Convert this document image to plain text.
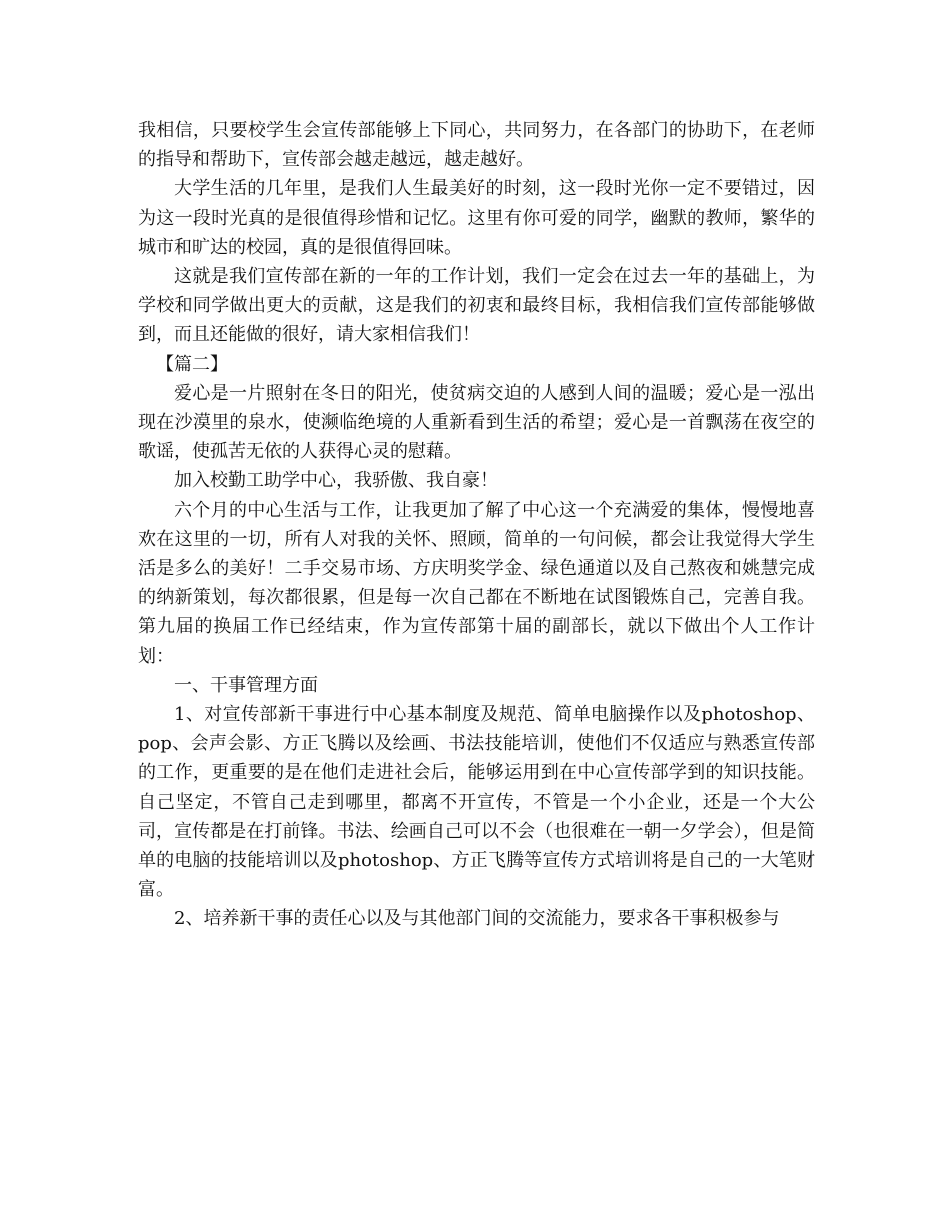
我相信，只要校学生会宣传部能够上下同心，共同努力，在各部门的协助下，在老师的指导和帮助下，宣传部会越走越远，越走越好。

大学生活的几年里，是我们人生最美好的时刻，这一段时光你一定不要错过，因为这一段时光真的是很值得珍惜和记忆。这里有你可爱的同学，幽默的教师，繁华的城市和旷达的校园，真的是很值得回味。

这就是我们宣传部在新的一年的工作计划，我们一定会在过去一年的基础上，为学校和同学做出更大的贡献，这是我们的初衷和最终目标，我相信我们宣传部能够做到，而且还能做的很好，请大家相信我们！

【篇二】

爱心是一片照射在冬日的阳光，使贫病交迫的人感到人间的温暖；爱心是一泓出现在沙漠里的泉水，使濒临绝境的人重新看到生活的希望；爱心是一首飘荡在夜空的歌谣，使孤苦无依的人获得心灵的慰藉。

加入校勤工助学中心，我骄傲、我自豪！

六个月的中心生活与工作，让我更加了解了中心这一个充满爱的集体，慢慢地喜欢在这里的一切，所有人对我的关怀、照顾，简单的一句问候，都会让我觉得大学生活是多么的美好！二手交易市场、方庆明奖学金、绿色通道以及自己熬夜和姚慧完成的纳新策划，每次都很累，但是每一次自己都在不断地在试图锻炼自己，完善自我。第九届的换届工作已经结束，作为宣传部第十届的副部长，就以下做出个人工作计划：

一、干事管理方面

1、对宣传部新干事进行中心基本制度及规范、简单电脑操作以及photoshop、pop、会声会影、方正飞腾以及绘画、书法技能培训，使他们不仅适应与熟悉宣传部的工作，更重要的是在他们走进社会后，能够运用到在中心宣传部学到的知识技能。自己坚定，不管自己走到哪里，都离不开宣传，不管是一个小企业，还是一个大公司，宣传都是在打前锋。书法、绘画自己可以不会（也很难在一朝一夕学会），但是简单的电脑的技能培训以及photoshop、方正飞腾等宣传方式培训将是自己的一大笔财富。

2、培养新干事的责任心以及与其他部门间的交流能力，要求各干事积极参与
